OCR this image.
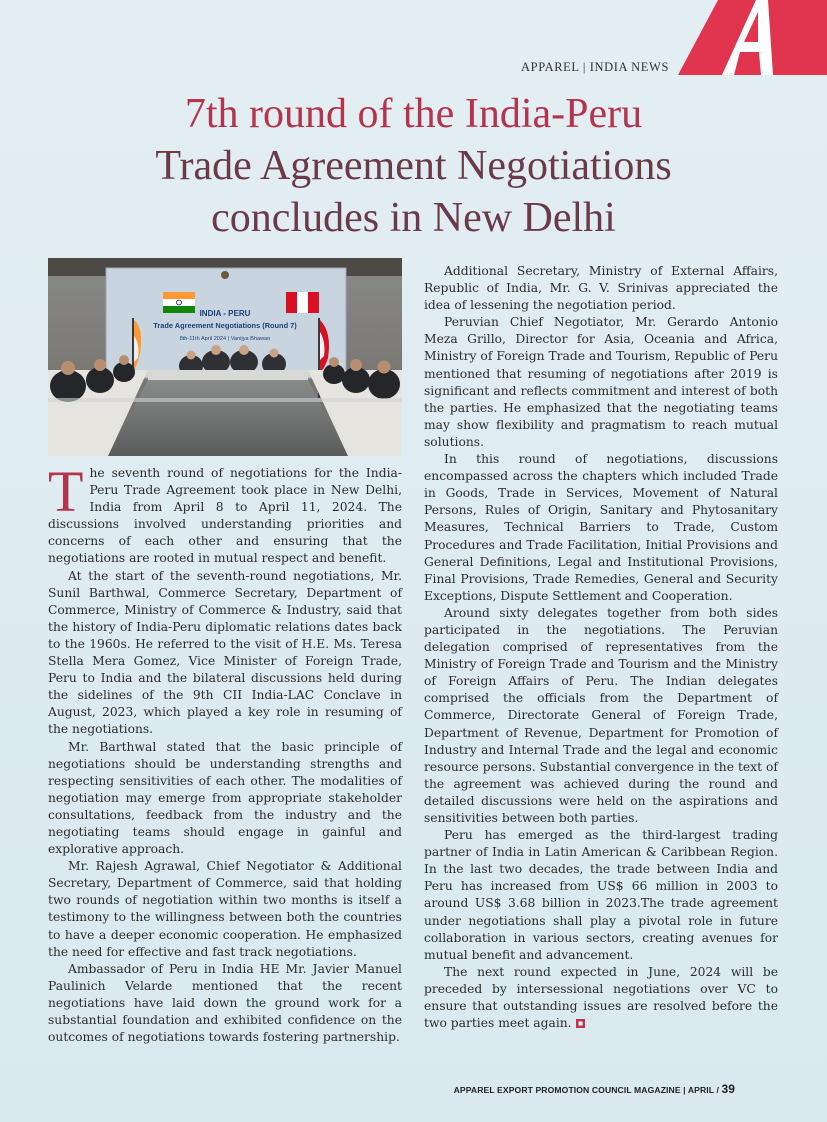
APPAREL | INDIA NEWS
7th round of the India-Peru
Trade Agreement Negotiations
concludes in New Delhi
INDIA - PERU
Trade Agreement Negotiations (Round 7)
8th-11th April 2024 | Vanijya Bhawan

The seventh round of negotiations for the India-Peru Trade Agreement took place in New Delhi, India from April 8 to April 11, 2024. The discussions involved understanding priorities and concerns of each other and ensuring that the negotiations are rooted in mutual respect and benefit.

At the start of the seventh-round negotiations, Mr. Sunil Barthwal, Commerce Secretary, Department of Commerce, Ministry of Commerce & Industry, said that the history of India-Peru diplomatic relations dates back to the 1960s. He referred to the visit of H.E. Ms. Teresa Stella Mera Gomez, Vice Minister of Foreign Trade, Peru to India and the bilateral discussions held during the sidelines of the 9th CII India-LAC Conclave in August, 2023, which played a key role in resuming of the negotiations.

Mr. Barthwal stated that the basic principle of negotiations should be understanding strengths and respecting sensitivities of each other. The modalities of negotiation may emerge from appropriate stakeholder consultations, feedback from the industry and the negotiating teams should engage in gainful and explorative approach.

Mr. Rajesh Agrawal, Chief Negotiator & Additional Secretary, Department of Commerce, said that holding two rounds of negotiation within two months is itself a testimony to the willingness between both the countries to have a deeper economic cooperation. He emphasized the need for effective and fast track negotiations.

Ambassador of Peru in India HE Mr. Javier Manuel Paulinich Velarde mentioned that the recent negotiations have laid down the ground work for a substantial foundation and exhibited confidence on the outcomes of negotiations towards fostering partnership.

Additional Secretary, Ministry of External Affairs, Republic of India, Mr. G. V. Srinivas appreciated the idea of lessening the negotiation period.

Peruvian Chief Negotiator, Mr. Gerardo Antonio Meza Grillo, Director for Asia, Oceania and Africa, Ministry of Foreign Trade and Tourism, Republic of Peru mentioned that resuming of negotiations after 2019 is significant and reflects commitment and interest of both the parties. He emphasized that the negotiating teams may show flexibility and pragmatism to reach mutual solutions.

In this round of negotiations, discussions encompassed across the chapters which included Trade in Goods, Trade in Services, Movement of Natural Persons, Rules of Origin, Sanitary and Phytosanitary Measures, Technical Barriers to Trade, Custom Procedures and Trade Facilitation, Initial Provisions and General Definitions, Legal and Institutional Provisions, Final Provisions, Trade Remedies, General and Security Exceptions, Dispute Settlement and Cooperation.

Around sixty delegates together from both sides participated in the negotiations. The Peruvian delegation comprised of representatives from the Ministry of Foreign Trade and Tourism and the Ministry of Foreign Affairs of Peru. The Indian delegates comprised the officials from the Department of Commerce, Directorate General of Foreign Trade, Department of Revenue, Department for Promotion of Industry and Internal Trade and the legal and economic resource persons. Substantial convergence in the text of the agreement was achieved during the round and detailed discussions were held on the aspirations and sensitivities between both parties.

Peru has emerged as the third-largest trading partner of India in Latin American & Caribbean Region. In the last two decades, the trade between India and Peru has increased from US$ 66 million in 2003 to around US$ 3.68 billion in 2023.The trade agreement under negotiations shall play a pivotal role in future collaboration in various sectors, creating avenues for mutual benefit and advancement.

The next round expected in June, 2024 will be preceded by intersessional negotiations over VC to ensure that outstanding issues are resolved before the two parties meet again.

APPAREL EXPORT PROMOTION COUNCIL MAGAZINE | APRIL / 39
